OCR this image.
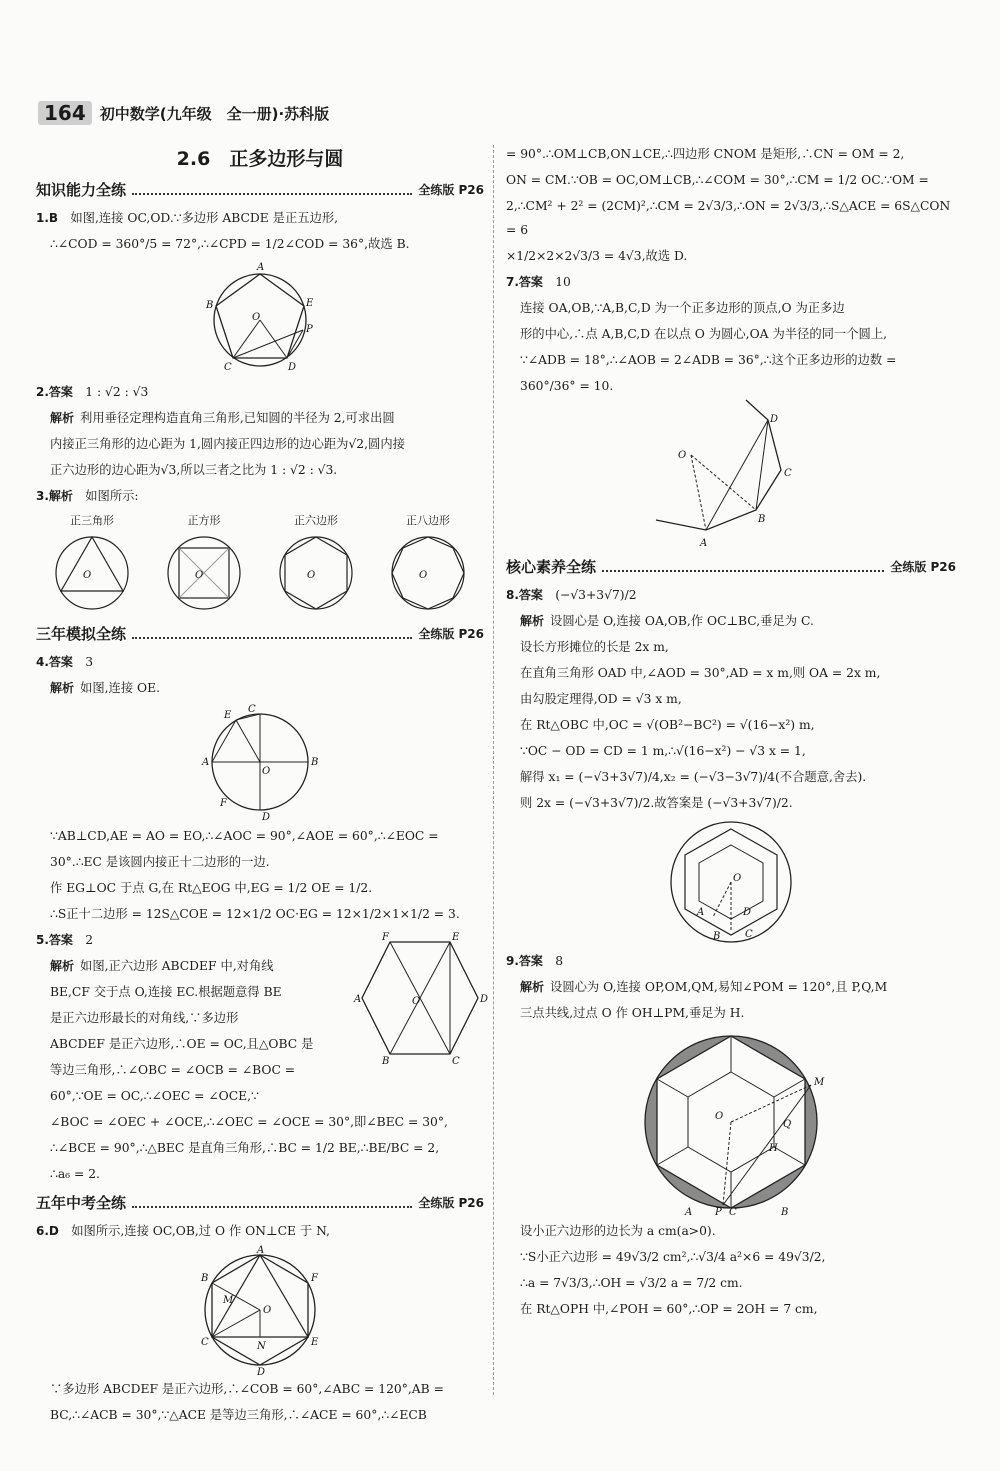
164 初中数学(九年级　全一册)·苏科版
2.6　正多边形与圆
知识能力全练	全练版 P26

1.B　 如图,连接 OC,OD.∵多边形 ABCDE 是正五边形,

∴∠COD = 360°/5 = 72°,∴∠CPD = 1/2∠COD = 36°,故选 B.

A
B
C	D
E
P
O

2.答案　 1 : √2 : √3

解析 利用垂径定理构造直角三角形,已知圆的半径为 2,可求出圆

内接正三角形的边心距为 1,圆内接正四边形的边心距为√2,圆内接

正六边形的边心距为√3,所以三者之比为 1 : √2 : √3.

3.解析　 如图所示:

正三角形

O
正方形

O
正六边形

O
正八边形

O
三年模拟全练	全练版 P26

4.答案　 3

解析 如图,连接 OE.

C
E
A	B
O
D
F

∵AB⊥CD,AE = AO = EO,∴∠AOC = 90°,∠AOE = 60°,∴∠EOC =

30°.∴EC 是该圆内接正十二边形的一边.

作 EG⊥OC 于点 G,在 Rt△EOG 中,EG = 1/2 OE = 1/2.

∴S正十二边形 = 12S△COE = 12×1/2 OC·EG = 12×1/2×1×1/2 = 3.

F	E
A	D
B	C
O

5.答案　 2

解析 如图,正六边形 ABCDEF 中,对角线

BE,CF 交于点 O,连接 EC.根据题意得 BE

是正六边形最长的对角线,∵多边形

ABCDEF 是正六边形,∴OE = OC,且△OBC 是

等边三角形,∴∠OBC = ∠OCB = ∠BOC =

60°,∵OE = OC,∴∠OEC = ∠OCE,∵

∠BOC = ∠OEC + ∠OCE,∴∠OEC = ∠OCE = 30°,即∠BEC = 30°,

∴∠BCE = 90°,∴△BEC 是直角三角形,∴BC = 1/2 BE,∴BE/BC = 2,

∴a₆ = 2.

五年中考全练	全练版 P26

6.D　 如图所示,连接 OC,OB,过 O 作 ON⊥CE 于 N,

A
B
C
D
E
F
O
N
M

∵多边形 ABCDEF 是正六边形,∴∠COB = 60°,∠ABC = 120°,AB =

BC,∴∠ACB = 30°,∵△ACE 是等边三角形,∴∠ACE = 60°,∴∠ECB

= 90°.∴OM⊥CB,ON⊥CE,∴四边形 CNOM 是矩形,∴CN = OM = 2,

ON = CM.∵OB = OC,OM⊥CB,∴∠COM = 30°,∴CM = 1/2 OC.∵OM =

2,∴CM² + 2² = (2CM)²,∴CM = 2√3/3,∴ON = 2√3/3,∴S△ACE = 6S△CON = 6

×1/2×2×2√3/3 = 4√3,故选 D.

7.答案　 10

连接 OA,OB,∵A,B,C,D 为一个正多边形的顶点,O 为正多边

形的中心,∴点 A,B,C,D 在以点 O 为圆心,OA 为半径的同一个圆上,

∵∠ADB = 18°,∴∠AOB = 2∠ADB = 36°,∴这个正多边形的边数 =

360°/36° = 10.

O
A
B
C
D
核心素养全练	全练版 P26

8.答案　 (−√3+3√7)/2

解析 设圆心是 O,连接 OA,OB,作 OC⊥BC,垂足为 C.

设长方形摊位的长是 2x m,

在直角三角形 OAD 中,∠AOD = 30°,AD = x m,则 OA = 2x m,

由勾股定理得,OD = √3 x m,

在 Rt△OBC 中,OC = √(OB²−BC²) = √(16−x²) m,

∵OC − OD = CD = 1 m,∴√(16−x²) − √3 x = 1,

解得 x₁ = (−√3+3√7)/4,x₂ = (−√3−3√7)/4(不合题意,舍去).

则 2x = (−√3+3√7)/2.故答案是 (−√3+3√7)/2.

O
A	D
B C

9.答案　 8

解析 设圆心为 O,连接 OP,OM,QM,易知∠POM = 120°,且 P,Q,M

三点共线,过点 O 作 OH⊥PM,垂足为 H.

O
M
Q
H
A P C	B

设小正六边形的边长为 a cm(a>0).

∵S小正六边形 = 49√3/2 cm²,∴√3/4 a²×6 = 49√3/2,

∴a = 7√3/3,∴OH = √3/2 a = 7/2 cm.

在 Rt△OPH 中,∠POH = 60°,∴OP = 2OH = 7 cm,
